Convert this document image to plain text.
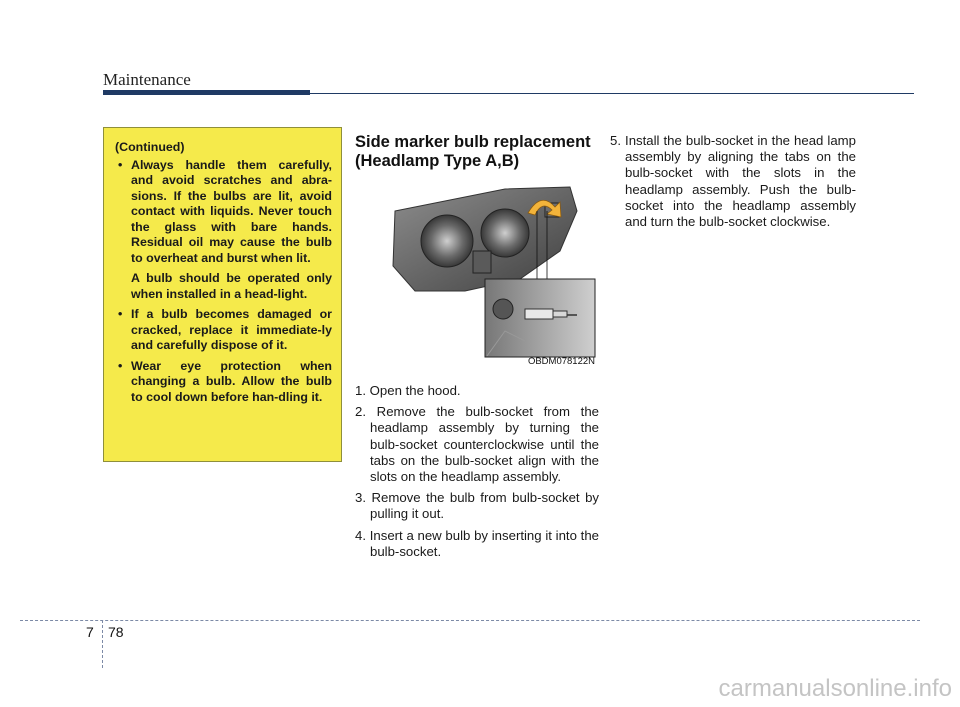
Maintenance
(Continued)
• Always handle them carefully, and avoid scratches and abra-sions. If the bulbs are lit, avoid contact with liquids. Never touch the glass with bare hands. Residual oil may cause the bulb to overheat and burst when lit.
A bulb should be operated only when installed in a head-light.
• If a bulb becomes damaged or cracked, replace it immediate-ly and carefully dispose of it.
• Wear eye protection when changing a bulb. Allow the bulb to cool down before han-dling it.
Side marker bulb replacement
(Headlamp Type A,B)
OBDM078122N
1. Open the hood.
2. Remove the bulb-socket from the headlamp assembly by turning the bulb-socket counterclockwise until the tabs on the bulb-socket align with the slots on the headlamp assembly.
3. Remove the bulb from bulb-socket by pulling it out.
4. Insert a new bulb by inserting it into the bulb-socket.
5. Install the bulb-socket in the head lamp assembly by aligning the tabs on the bulb-socket with the slots in the headlamp assembly. Push the bulb-socket into the headlamp assembly and turn the bulb-socket clockwise.
7 78
carmanualsonline.info
